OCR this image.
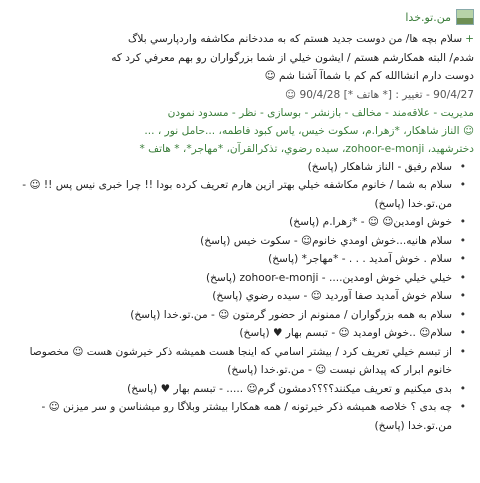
من.تو.خدا
+سلام بچه ها/ من دوست جدید هستم که به مددخانم مکاشفه واردپارسي بلاگ
شدم/ البته همکارشم هستم / ایشون خیلي از شما بزرگواران رو بهم معرفي کرد که
دوست دارم انشاالله کم کم با شماآ آشنا شم ☺
90/4/27 - تغییر : [* هاتف *] 90/4/28 ☺
مدیریت - علاقه‌مند - مخالف - بازنشر - بوسازی - نظر - مسدود نمودن
☺ الناز شاهکار، *زهرا.م، سکوت خیس، یاس کبود فاطمه، ...حامل نور ، ...
دخترشهید، zohoor-e-monji، سیده رضوي، تذکرالقرآن، *مهاجر*، * هاتف *
• سلام رفیق - الناز شاهکار (پاسخ)
• سلام به شما / خانوم مکاشفه خیلي بهتر ازین هارم تعریف کرده بودا !! چرا خبری نیس پس !! ☺ - من.تو.خدا (پاسخ)
• خوش اومدین☺ ☺ - *زهرا.م (پاسخ)
• سلام هانیه...خوش اومدي خانوم☺ - سکوت خیس (پاسخ)
• سلام . خوش آمدید . . . - *مهاجر* (پاسخ)
• خیلي خیلي خوش اومدین.... - zohoor-e-monji (پاسخ)
• سلام خوش آمدید صفا آوردید ☺ - سیده رضوي (پاسخ)
• سلام به همه بزرگواران / ممنونم از حضور گرمتون ☺ - من.تو.خدا (پاسخ)
• سلام☺ ..خوش اومدید ☺ - تبسم بهار ♥ (پاسخ)
• از تبسم خیلي تعریف کرد / بیشتر اسامي که اینجا هست همیشه ذکر خیرشون هست ☺ مخصوصا خانوم ابرار که پیداش نیست ☺ - من.تو.خدا (پاسخ)
• بدی میکنیم و تعریف میکنند؟؟؟؟دمشون گرم☺ ..... - تبسم بهار ♥ (پاسخ)
• چه بدی ؟ خلاصه همیشه ذکر خیرتونه / همه همکارا بیشتر وبلاگا رو میشناسن و سر میزنن ☺ - من.تو.خدا (پاسخ)
